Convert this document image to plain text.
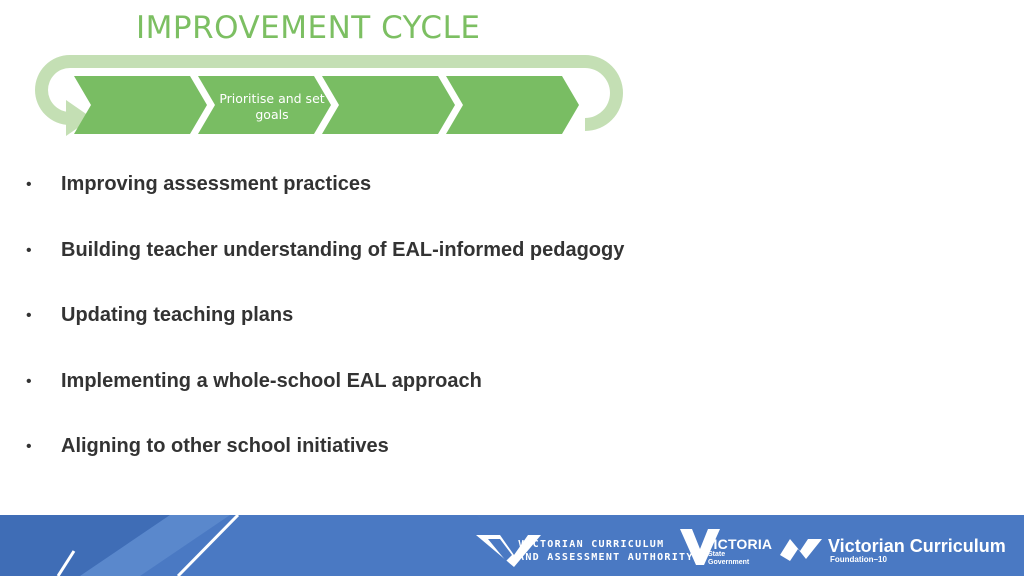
IMPROVEMENT CYCLE
Prioritise and set goals
•	Improving assessment practices
•	Building teacher understanding of EAL-informed pedagogy
•	Updating teaching plans
•	Implementing a whole-school EAL approach
•	Aligning to other school initiatives
VICTORIAN CURRICULUM
AND ASSESSMENT AUTHORITY
VICTORIA
State
Government
Victorian Curriculum
Foundation–10
